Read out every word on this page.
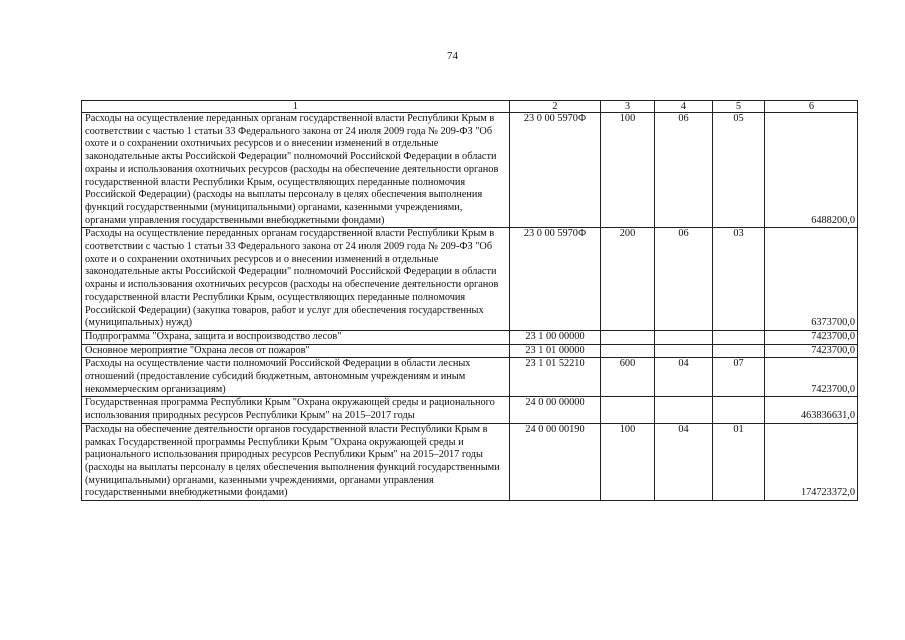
74
1	2	3	4	5	6
Расходы на осуществление переданных органам государственной власти Республики Крым в соответствии с частью 1 статьи 33 Федерального закона от 24 июля 2009 года № 209-ФЗ "Об охоте и о сохранении охотничьих ресурсов и о внесении изменений в отдельные законодательные акты Российской Федерации" полномочий Российской Федерации в области охраны и использования охотничьих ресурсов (расходы на обеспечение деятельности органов государственной власти Республики Крым, осуществляющих переданные полномочия Российской Федерации) (расходы на выплаты персоналу в целях обеспечения выполнения функций государственными (муниципальными) органами, казенными учреждениями, органами управления государственными внебюджетными фондами)	23 0 00 5970Ф	100	06	05	6488200,0
Расходы на осуществление переданных органам государственной власти Республики Крым в соответствии с частью 1 статьи 33 Федерального закона от 24 июля 2009 года № 209-ФЗ "Об охоте и о сохранении охотничьих ресурсов и о внесении изменений в отдельные законодательные акты Российской Федерации" полномочий Российской Федерации в области охраны и использования охотничьих ресурсов (расходы на обеспечение деятельности органов государственной власти Республики Крым, осуществляющих переданные полномочия Российской Федерации) (закупка товаров, работ и услуг для обеспечения государственных (муниципальных) нужд)	23 0 00 5970Ф	200	06	03	6373700,0
Подпрограмма "Охрана, защита и воспроизводство лесов"	23 1 00 00000				7423700,0
Основное мероприятие "Охрана лесов от пожаров"	23 1 01 00000				7423700,0
Расходы на осуществление части полномочий Российской Федерации в области лесных отношений (предоставление субсидий бюджетным, автономным учреждениям и иным некоммерческим организациям)	23 1 01 52210	600	04	07	7423700,0
Государственная программа Республики Крым "Охрана окружающей среды и рационального использования природных ресурсов Республики Крым" на 2015–2017 годы	24 0 00 00000				463836631,0
Расходы на обеспечение деятельности органов государственной власти Республики Крым в рамках Государственной программы Республики Крым "Охрана окружающей среды и рационального использования природных ресурсов Республики Крым" на 2015–2017 годы (расходы на выплаты персоналу в целях обеспечения выполнения функций государственными (муниципальными) органами, казенными учреждениями, органами управления государственными внебюджетными фондами)	24 0 00 00190	100	04	01	174723372,0
